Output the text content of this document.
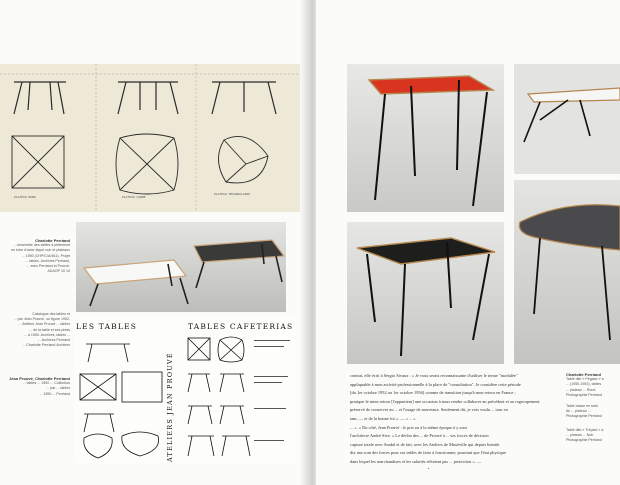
PLATEAU ROND	PLATEAU CARRE
PLATEAU TRIANGULAIRE
Charlotte Perriand
...ensemble des tables à piétement
en tube d'acier laqué noir et plateaux
... 1950 (CHP/C/A/461). Projet
... tables. Archives Perriand,
... avec Perriand et Prouvé.
ADAGP 10 14
Catalogue des tables et
... par Jean Prouvé, où figure 1952.
... Ateliers Jean Prouvé ... tables
... de la table et ses pieds
... à 1950. Archives, tables ...
... Archives Perriand
... Charlotte Perriand Archives
Jean Prouvé, Charlotte Perriand
... tables ... 1950 ... Collection
... par ... tables
... 1950 ... Perriand
LES TABLES	TABLES CAFETERIAS
ATELIERS JEAN PROUVÉ	contrat, elle écrit à Sergio Sivaux : « Je vous serais reconnaissante d'utiliser le terme "modulée"
appliquable à mon activité professionnelle à la place de "consultation". Je considère cette période
[du 1er octobre 1952 au 1er octobre 1956] comme de transition jusqu'à mon retour en France ;
pratique le mien retour [l'appartient] une occasion à nous rendre collaborer au précédent et au regroupement
préservé de conserver au ... et l'usage de nouveaux. Seulement dit, je vois voulu ... tour en
tant, — et de la bonne foi ». — « ... »
... ». « Du côté, Jean Prouvé : le pris ou à la même époque à y sont
l'architecte André Sive. » Le déclin des ... de Prouvé à ... ses forces de décision
capture totale avec Studal et de fait, avec les Ateliers de Maxéville qui depuis bientôt
dix ans sont des forces pour ses tables de faire à fonctionner, pourtant que l'état physique
dans lequel les marchandises et les salariés n'étaient pas ... protection ». —
Charlotte Perriand
Table dite « Pégase » à
... (1950-1953), tables
... plateau ... Rond
Photographie Perriand
Table basse en tube
de ... plateau ...
Photographie Perriand
Table dite « Trépied » à
... plateau ... Noir
Photographie Perriand
•
